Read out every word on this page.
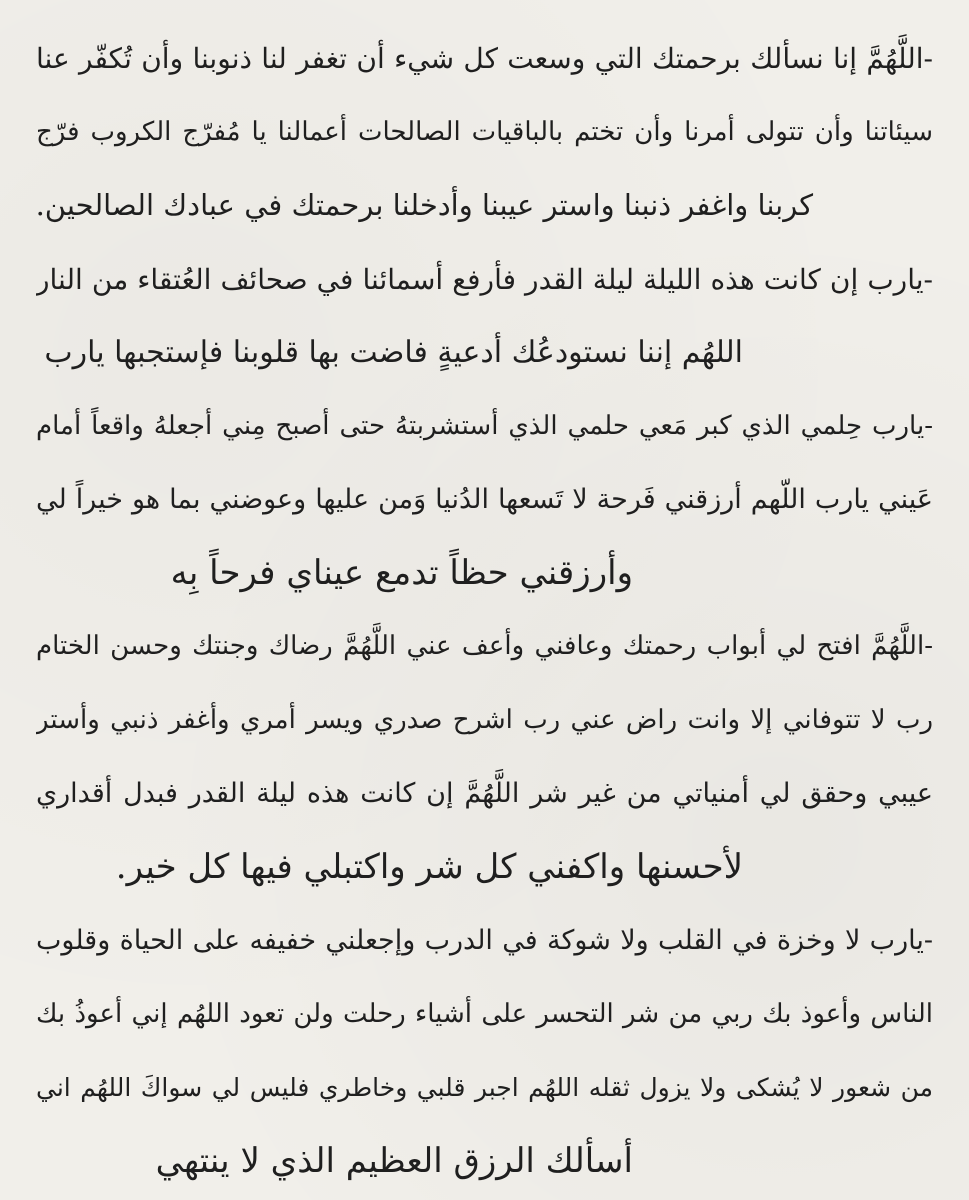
-اللَّهُمَّ إنا نسألك برحمتك التي وسعت كل شيء أن تغفر لنا ذنوبنا وأن تُكفّر عنا
سيئاتنا وأن تتولى أمرنا وأن تختم بالباقيات الصالحات أعمالنا يا مُفرّج الكروب فرّج
كربنا واغفر ذنبنا واستر عيبنا وأدخلنا برحمتك في عبادك الصالحين.
-يارب إن كانت هذه الليلة ليلة القدر فأرفع أسمائنا في صحائف العُتقاء من النار
اللهُم إننا نستودعُك أدعيةٍ فاضت بها قلوبنا فإستجبها يارب
-يارب حِلمي الذي كبر مَعي حلمي الذي أستشربتهُ حتى أصبح مِني أجعلهُ واقعاً أمام
عَيني يارب اللّهم أرزقني فَرحة لا تَسعها الدُنيا وَمن عليها وعوضني بما هو خيراً لي
وأرزقني حظاً تدمع عيناي فرحاً بِه
-اللَّهُمَّ افتح لي أبواب رحمتك وعافني وأعف عني اللَّهُمَّ رضاك وجنتك وحسن الختام
رب لا تتوفاني إلا وانت راض عني رب اشرح صدري ويسر أمري وأغفر ذنبي وأستر
عيبي وحقق لي أمنياتي من غير شر اللَّهُمَّ إن كانت هذه ليلة القدر فبدل أقداري
لأحسنها واكفني كل شر واكتبلي فيها كل خير.
-يارب لا وخزة في القلب ولا شوكة في الدرب وإجعلني خفيفه على الحياة وقلوب
الناس وأعوذ بك ربي من شر التحسر على أشياء رحلت ولن تعود اللهُم إني أعوذُ بك
من شعور لا يُشكى ولا يزول ثقله اللهُم اجبر قلبي وخاطري فليس لي سواكَ اللهُم اني
أسألك الرزق العظيم الذي لا ينتهي
